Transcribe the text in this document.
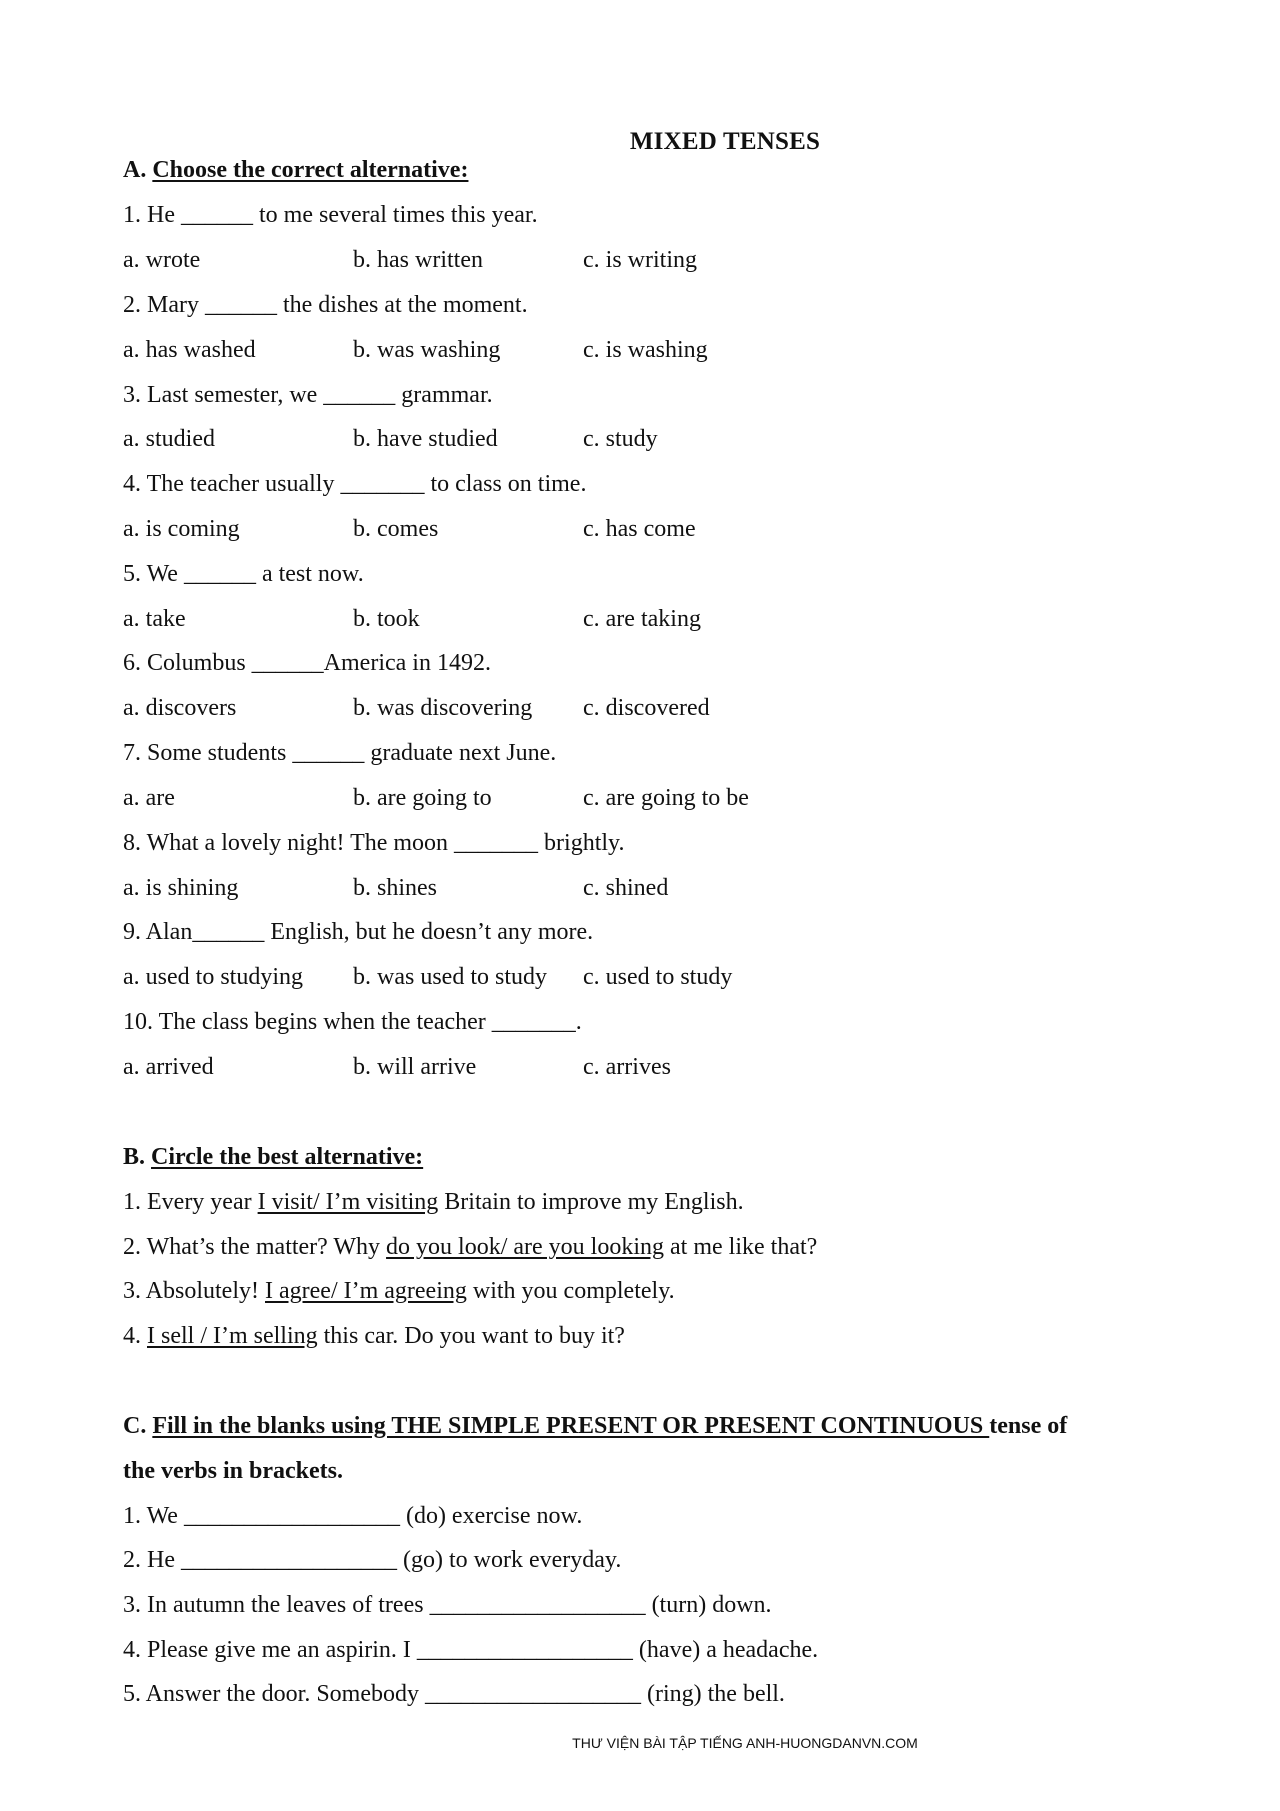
MIXED TENSES
A. Choose the correct alternative:
1. He ______ to me several times this year.
a. wrote	b. has written	c. is writing
2. Mary ______ the dishes at the moment.
a. has washed	b. was washing	c. is washing
3. Last semester, we ______ grammar.
a. studied	b. have studied	c. study
4. The teacher usually _______ to class on time.
a. is coming	b. comes	c. has come
5. We ______ a test now.
a. take	b. took	c. are taking
6. Columbus ______America in 1492.
a. discovers	b. was discovering c. discovered
7. Some students ______ graduate next June.
a. are	b. are going to	c. are going to be
8. What a lovely night! The moon _______ brightly.
a. is shining	b. shines	c. shined
9. Alan______ English, but he doesn’t any more.
a. used to studying b. was used to study c. used to study
10. The class begins when the teacher _______.
a. arrived	b. will arrive	c. arrives
B. Circle the best alternative:
1. Every year I visit/ I’m visiting Britain to improve my English.
2. What’s the matter? Why do you look/ are you looking at me like that?
3. Absolutely! I agree/ I’m agreeing with you completely.
4. I sell / I’m selling this car. Do you want to buy it?
C. Fill in the blanks using THE SIMPLE PRESENT OR PRESENT CONTINUOUS tense of
the verbs in brackets.
1. We __________________ (do) exercise now.
2. He __________________ (go) to work everyday.
3. In autumn the leaves of trees __________________ (turn) down.
4. Please give me an aspirin. I __________________ (have) a headache.
5. Answer the door. Somebody __________________ (ring) the bell.
THƯ VIỆN BÀI TẬP TIẾNG ANH-HUONGDANVN.COM
